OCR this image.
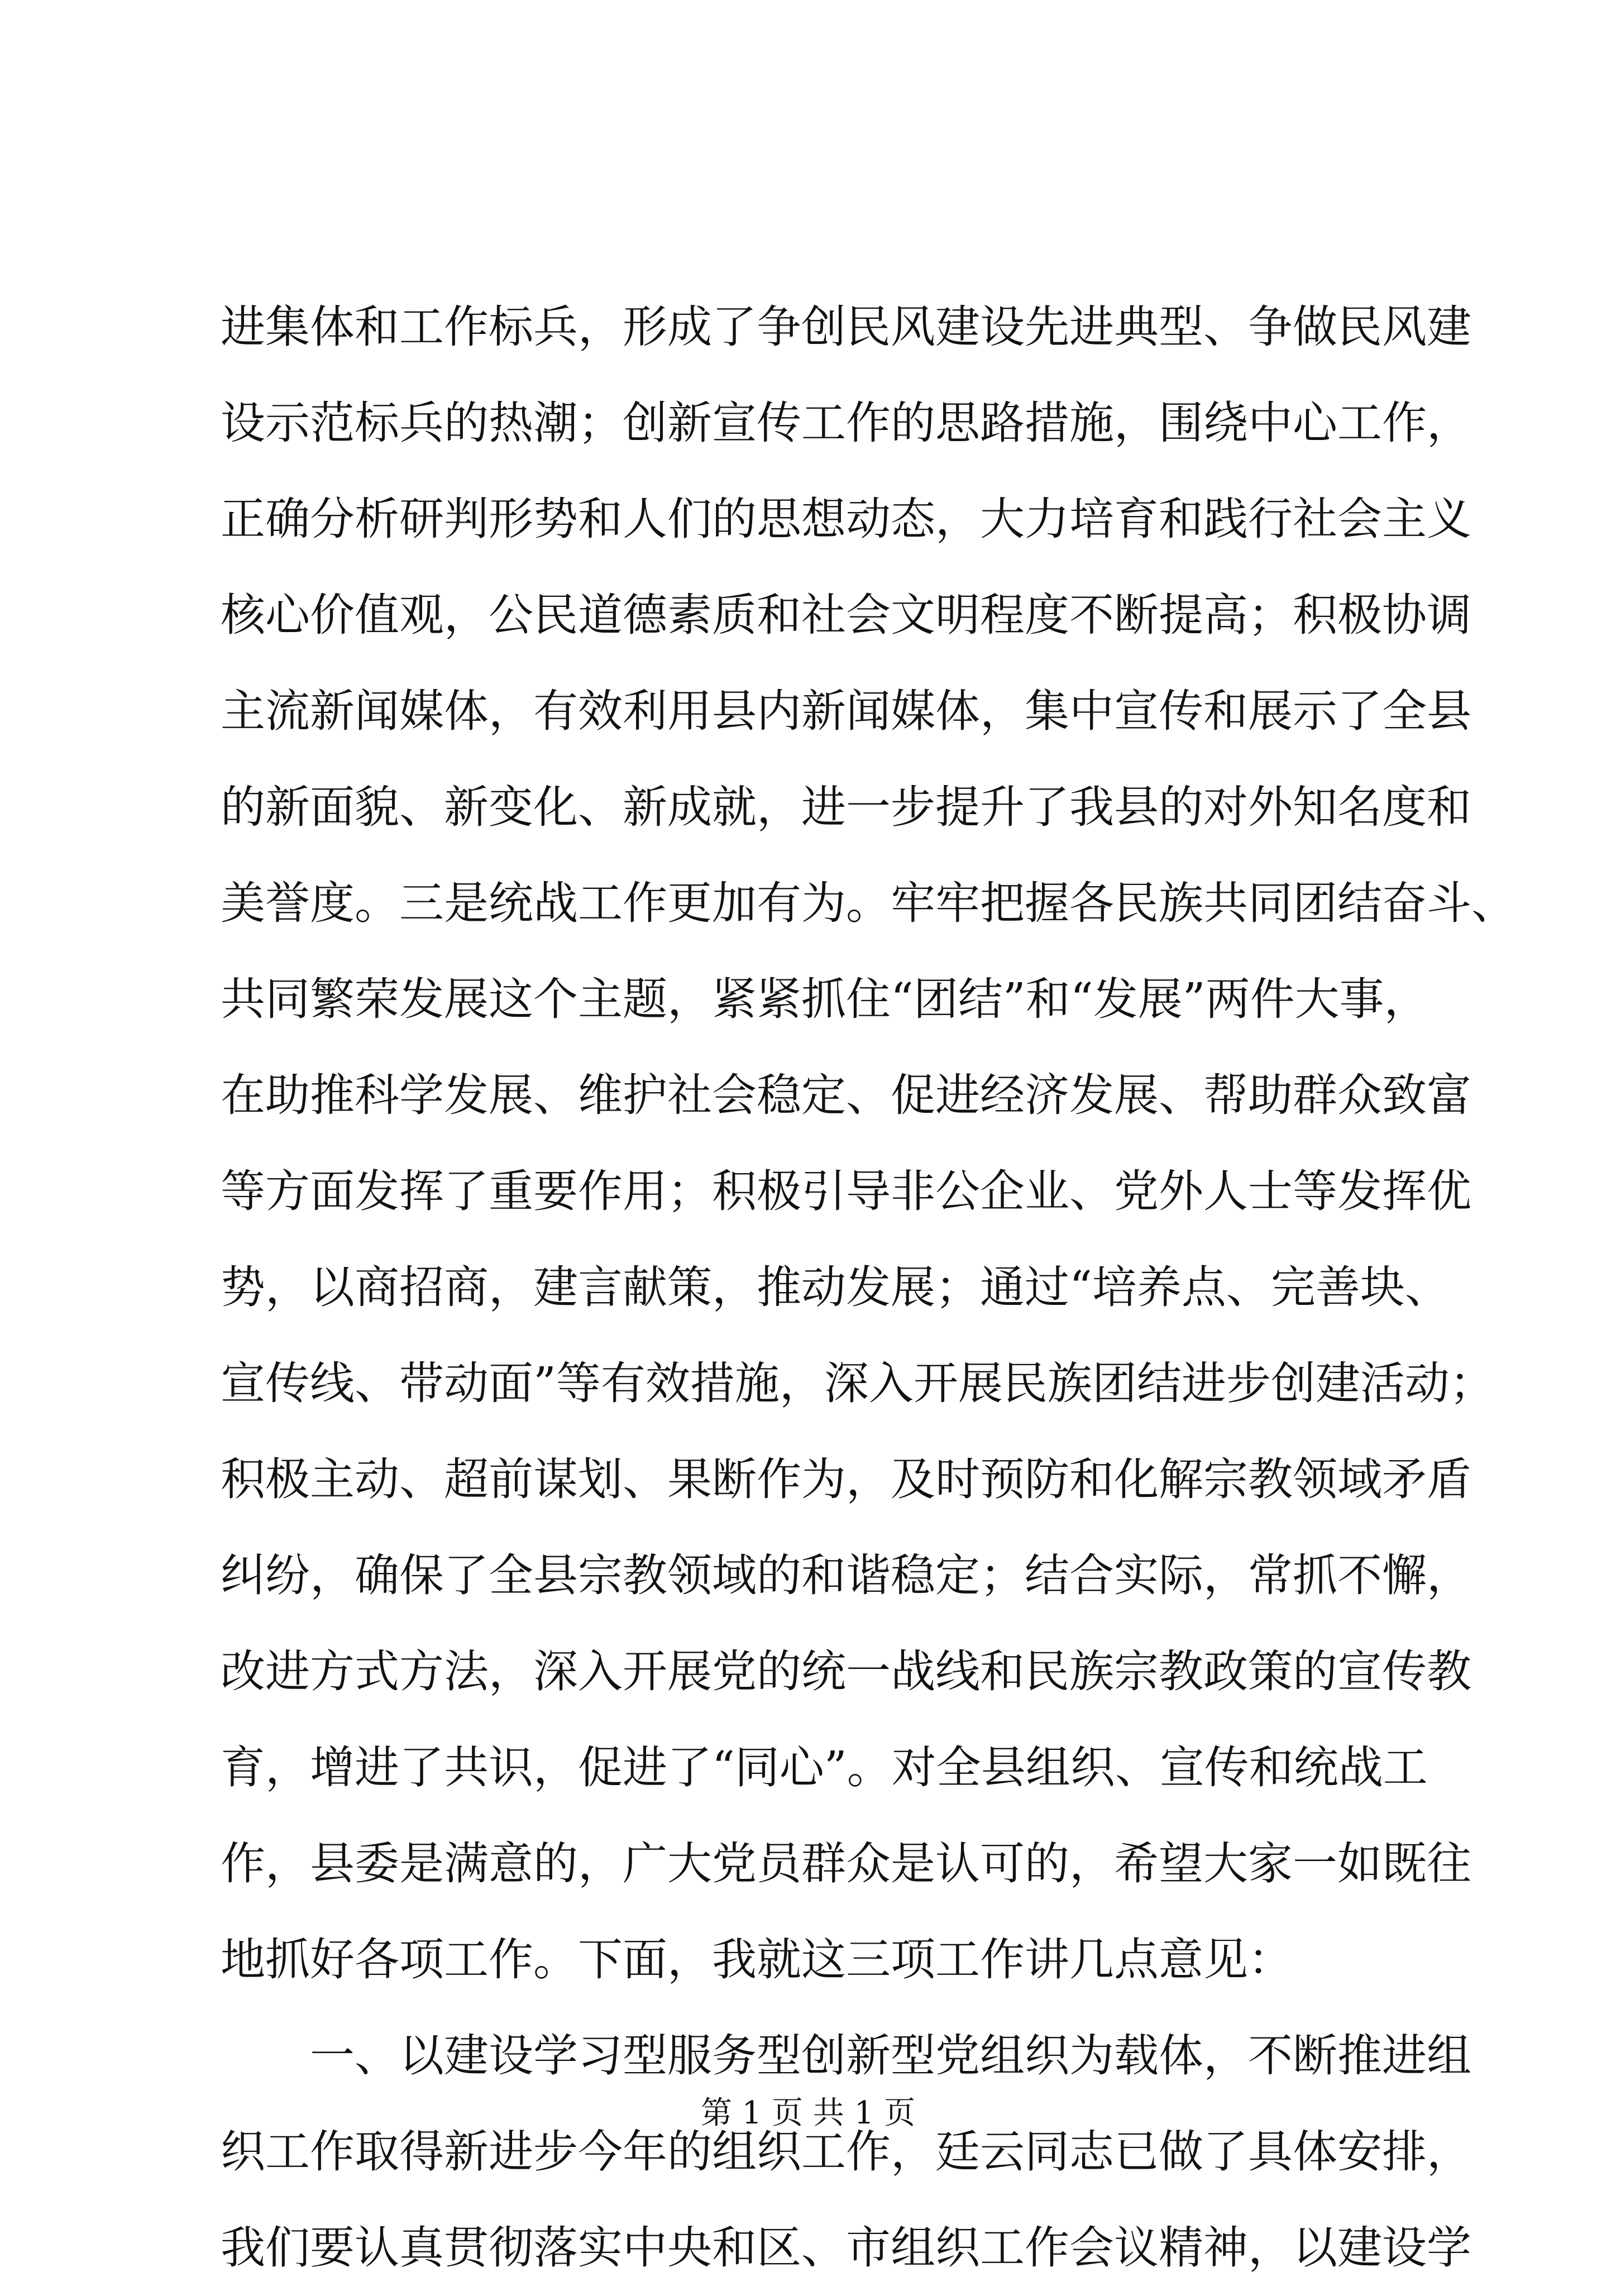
进集体和工作标兵，形成了争创民风建设先进典型、争做民风建
设示范标兵的热潮；创新宣传工作的思路措施，围绕中心工作，
正确分析研判形势和人们的思想动态，大力培育和践行社会主义
核心价值观，公民道德素质和社会文明程度不断提高；积极协调
主流新闻媒体，有效利用县内新闻媒体，集中宣传和展示了全县
的新面貌、新变化、新成就，进一步提升了我县的对外知名度和
美誉度。三是统战工作更加有为。牢牢把握各民族共同团结奋斗、
共同繁荣发展这个主题，紧紧抓住“团结”和“发展”两件大事，
在助推科学发展、维护社会稳定、促进经济发展、帮助群众致富
等方面发挥了重要作用；积极引导非公企业、党外人士等发挥优
势，以商招商，建言献策，推动发展；通过“培养点、完善块、
宣传线、带动面”等有效措施，深入开展民族团结进步创建活动；
积极主动、超前谋划、果断作为，及时预防和化解宗教领域矛盾
纠纷，确保了全县宗教领域的和谐稳定；结合实际，常抓不懈，
改进方式方法，深入开展党的统一战线和民族宗教政策的宣传教
育，增进了共识，促进了“同心”。对全县组织、宣传和统战工
作，县委是满意的，广大党员群众是认可的，希望大家一如既往
地抓好各项工作。下面，我就这三项工作讲几点意见：
一、以建设学习型服务型创新型党组织为载体，不断推进组
织工作取得新进步今年的组织工作，廷云同志已做了具体安排，
我们要认真贯彻落实中央和区、市组织工作会议精神，以建设学
第 1 页 共 1 页
